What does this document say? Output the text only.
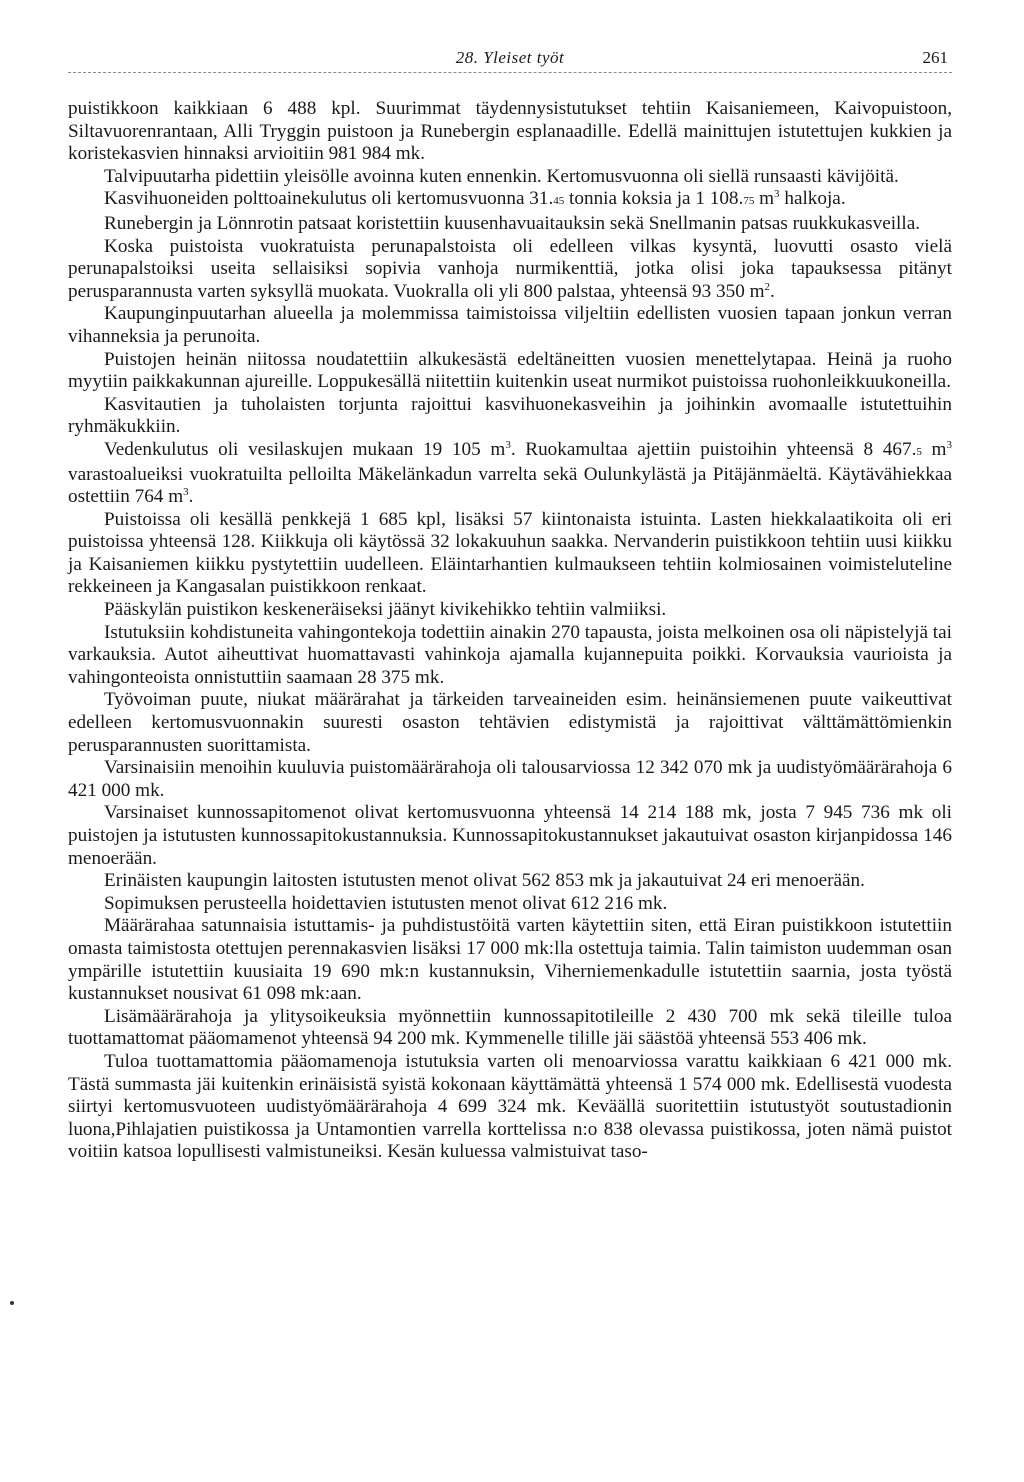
28. Yleiset työt	261

puistikkoon kaikkiaan 6 488 kpl. Suurimmat täydennysistutukset tehtiin Kaisaniemeen, Kaivopuistoon, Siltavuorenrantaan, Alli Tryggin puistoon ja Runebergin esplanaadille. Edellä mainittujen istutettujen kukkien ja koristekasvien hinnaksi arvioitiin 981 984 mk.

Talvipuutarha pidettiin yleisölle avoinna kuten ennenkin. Kertomusvuonna oli siellä runsaasti kävijöitä.

Kasvihuoneiden polttoainekulutus oli kertomusvuonna 31.45 tonnia koksia ja 1 108.75 $m^3$ halkoja.

Runebergin ja Lönnrotin patsaat koristettiin kuusenhavuaitauksin sekä Snellmanin patsas ruukkukasveilla.

Koska puistoista vuokratuista perunapalstoista oli edelleen vilkas kysyntä, luovutti osasto vielä perunapalstoiksi useita sellaisiksi sopivia vanhoja nurmikenttiä, jotka olisi joka tapauksessa pitänyt perusparannusta varten syksyllä muokata. Vuokralla oli yli 800 palstaa, yhteensä 93 350 $m^2$.

Kaupunginpuutarhan alueella ja molemmissa taimistoissa viljeltiin edellisten vuosien tapaan jonkun verran vihanneksia ja perunoita.

Puistojen heinän niitossa noudatettiin alkukesästä edeltäneitten vuosien menettelytapaa. Heinä ja ruoho myytiin paikkakunnan ajureille. Loppukesällä niitettiin kuitenkin useat nurmikot puistoissa ruohonleikkuukoneilla.

Kasvitautien ja tuholaisten torjunta rajoittui kasvihuonekasveihin ja joihinkin avomaalle istutettuihin ryhmäkukkiin.

Vedenkulutus oli vesilaskujen mukaan 19 105 $m^3$. Ruokamultaa ajettiin puistoihin yhteensä 8 467.5 $m^3$ varastoalueiksi vuokratuilta pelloilta Mäkelänkadun varrelta sekä Oulunkylästä ja Pitäjänmäeltä. Käytävähiekkaa ostettiin 764 $m^3$.

Puistoissa oli kesällä penkkejä 1 685 kpl, lisäksi 57 kiintonaista istuinta. Lasten hiekkalaatikoita oli eri puistoissa yhteensä 128. Kiikkuja oli käytössä 32 lokakuuhun saakka. Nervanderin puistikkoon tehtiin uusi kiikku ja Kaisaniemen kiikku pystytettiin uudelleen. Eläintarhantien kulmaukseen tehtiin kolmiosainen voimisteluteline rekkeineen ja Kangasalan puistikkoon renkaat.

Pääskylän puistikon keskeneräiseksi jäänyt kivikehikko tehtiin valmiiksi.

Istutuksiin kohdistuneita vahingontekoja todettiin ainakin 270 tapausta, joista melkoinen osa oli näpistelyjä tai varkauksia. Autot aiheuttivat huomattavasti vahinkoja ajamalla kujannepuita poikki. Korvauksia vaurioista ja vahingonteoista onnistuttiin saamaan 28 375 mk.

Työvoiman puute, niukat määrärahat ja tärkeiden tarveaineiden esim. heinänsiemenen puute vaikeuttivat edelleen kertomusvuonnakin suuresti osaston tehtävien edistymistä ja rajoittivat välttämättömienkin perusparannusten suorittamista.

Varsinaisiin menoihin kuuluvia puistomäärärahoja oli talousarviossa 12 342 070 mk ja uudistyömäärärahoja 6 421 000 mk.

Varsinaiset kunnossapitomenot olivat kertomusvuonna yhteensä 14 214 188 mk, josta 7 945 736 mk oli puistojen ja istutusten kunnossapitokustannuksia. Kunnossapitokustannukset jakautuivat osaston kirjanpidossa 146 menoerään.

Erinäisten kaupungin laitosten istutusten menot olivat 562 853 mk ja jakautuivat 24 eri menoerään.

Sopimuksen perusteella hoidettavien istutusten menot olivat 612 216 mk.

Määrärahaa satunnaisia istuttamis- ja puhdistustöitä varten käytettiin siten, että Eiran puistikkoon istutettiin omasta taimistosta otettujen perennakasvien lisäksi 17 000 mk:lla ostettuja taimia. Talin taimiston uudemman osan ympärille istutettiin kuusiaita 19 690 mk:n kustannuksin, Viherniemenkadulle istutettiin saarnia, josta työstä kustannukset nousivat 61 098 mk:aan.

Lisämäärärahoja ja ylitysoikeuksia myönnettiin kunnossapitotileille 2 430 700 mk sekä tileille tuloa tuottamattomat pääomamenot yhteensä 94 200 mk. Kymmenelle tilille jäi säästöä yhteensä 553 406 mk.

Tuloa tuottamattomia pääomamenoja istutuksia varten oli menoarviossa varattu kaikkiaan 6 421 000 mk. Tästä summasta jäi kuitenkin erinäisistä syistä kokonaan käyttämättä yhteensä 1 574 000 mk. Edellisestä vuodesta siirtyi kertomusvuoteen uudistyömäärärahoja 4 699 324 mk. Keväällä suoritettiin istutustyöt soutustadionin luona,Pihlajatien puistikossa ja Untamontien varrella korttelissa n:o 838 olevassa puistikossa, joten nämä puistot voitiin katsoa lopullisesti valmistuneiksi. Kesän kuluessa valmistuivat taso-
